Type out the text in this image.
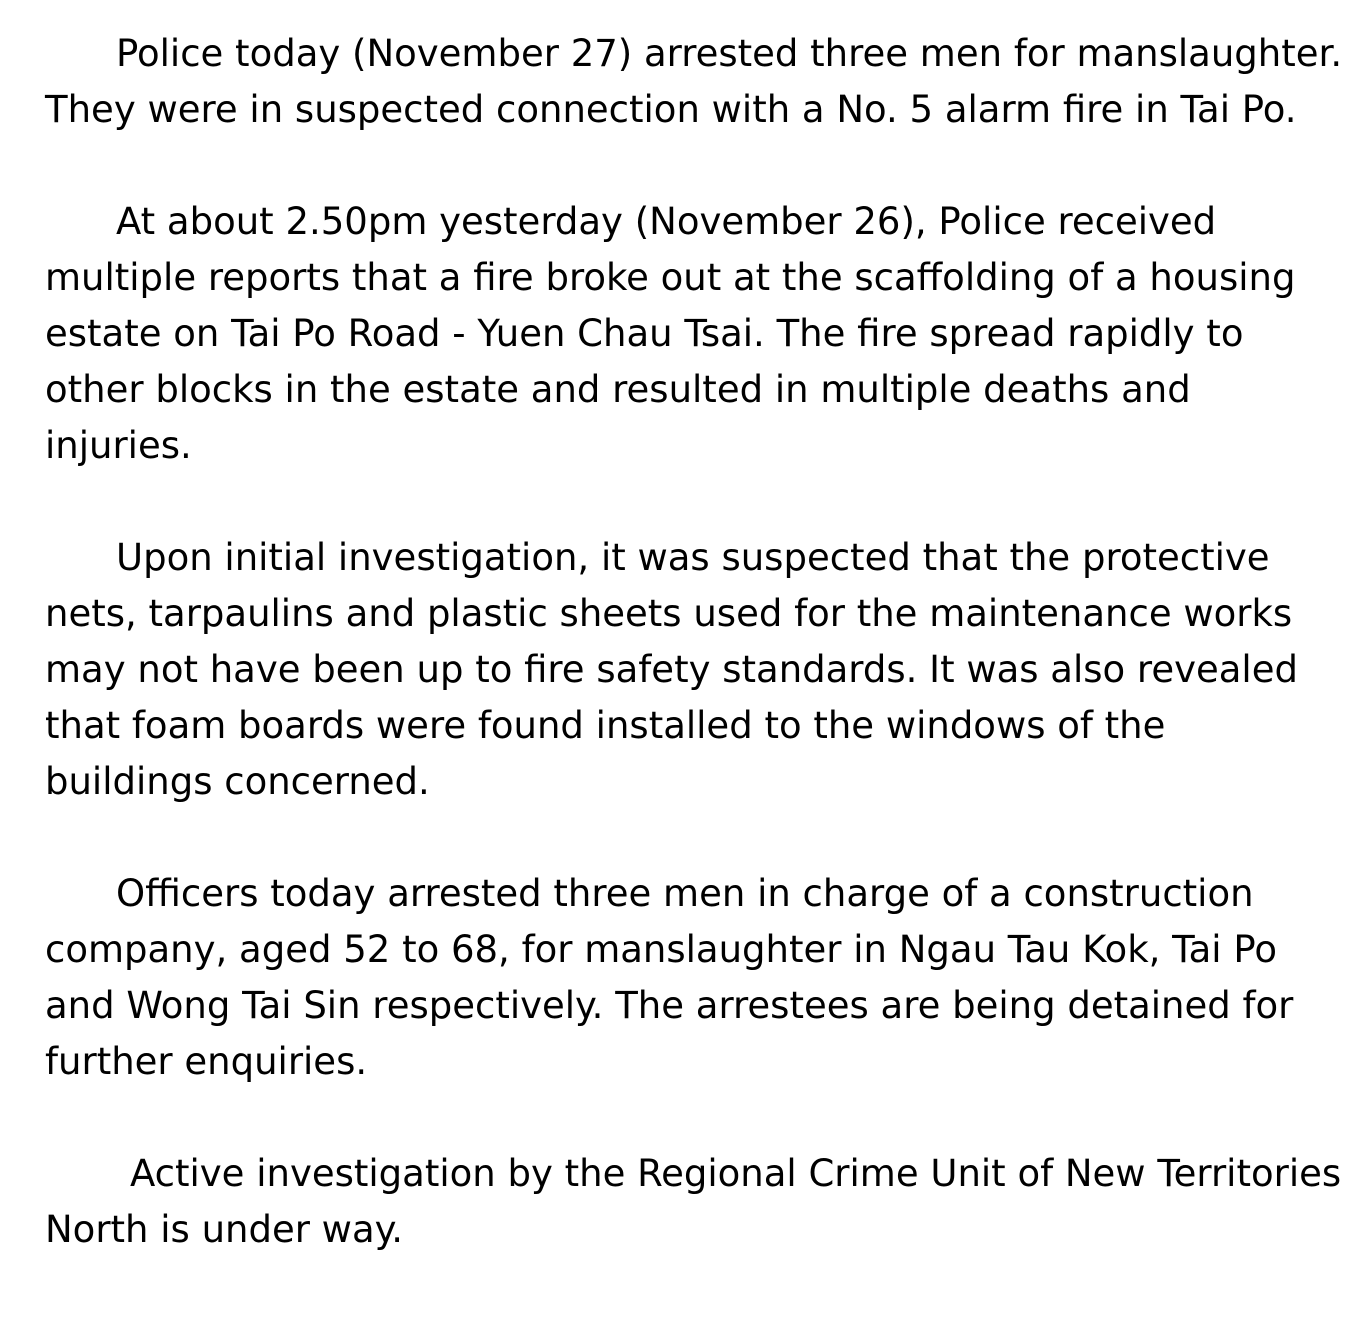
Police today (November 27) arrested three men for manslaughter. They were in suspected connection with a No. 5 alarm fire in Tai Po.

At about 2.50pm yesterday (November 26), Police received multiple reports that a fire broke out at the scaffolding of a housing estate on Tai Po Road - Yuen Chau Tsai. The fire spread rapidly to other blocks in the estate and resulted in multiple deaths and injuries.

Upon initial investigation, it was suspected that the protective nets, tarpaulins and plastic sheets used for the maintenance works may not have been up to fire safety standards. It was also revealed that foam boards were found installed to the windows of the buildings concerned.

Officers today arrested three men in charge of a construction company, aged 52 to 68, for manslaughter in Ngau Tau Kok, Tai Po and Wong Tai Sin respectively. The arrestees are being detained for further enquiries.

Active investigation by the Regional Crime Unit of New Territories North is under way.
